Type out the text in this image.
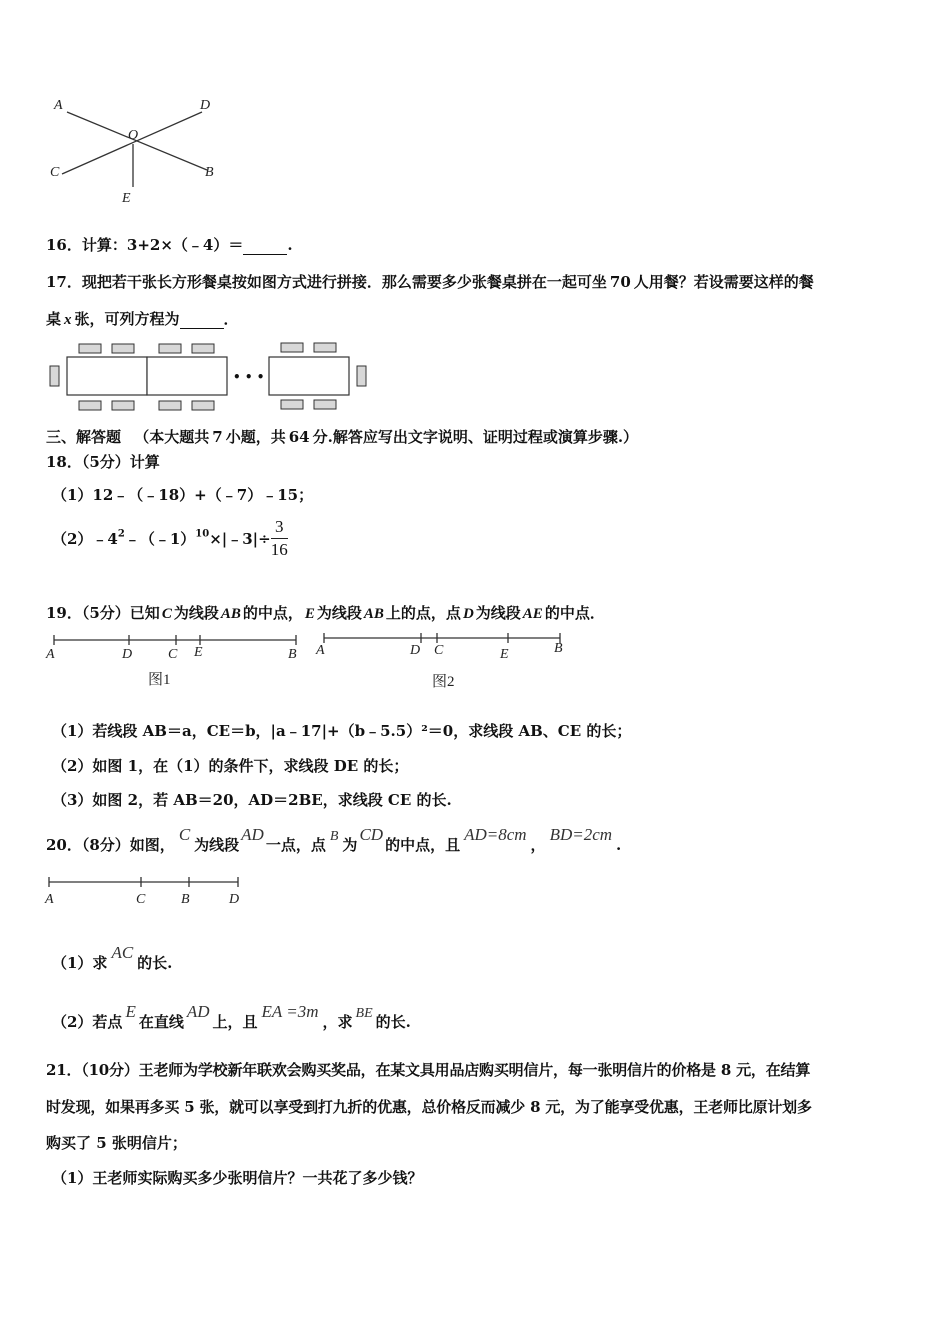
A	D
O
C	B
E
16．计算：3+2×（﹣4）＝	.
17．现把若干张长方形餐桌按如图方式进行拼接．那么需要多少张餐桌拼在一起可坐 70 人用餐？若设需要这样的餐
桌 x 张，可列方程为	．
• • •
三、解答题 （本大题共 7 小题，共 64 分.解答应写出文字说明、证明过程或演算步骤.）
18．（5分）计算
（1）12﹣（﹣18）+（﹣7）﹣15；
$(2)﹣4^2﹣(﹣1)^{10}\times|﹣3|\div \frac{3}{16}$
19．（5分）已知 C 为线段 AB 的中点， E 为线段 AB 上的点，点 D 为线段 AE 的中点．
A	D	C E	B
图1
A	D C	E	B
图2
（1）若线段 AB＝a，CE＝b，|a﹣17|+（b﹣5.5）²＝0，求线段 AB、CE 的长；
（2）如图 1，在（1）的条件下，求线段 DE 的长；
（3）如图 2，若 AB＝20，AD＝2BE，求线段 CE 的长.
20．（8分）如图，C为线段AD一点，点 B 为CD的中点，且AD=8cm，BD=2cm.
A	C	B	D
（1）求AC的长.
（2）若点E在直线AD上，且EA =3m，求 BE 的长.
21．（10分）王老师为学校新年联欢会购买奖品，在某文具用品店购买明信片，每一张明信片的价格是 8 元，在结算
时发现，如果再多买 5 张，就可以享受到打九折的优惠，总价格反而减少 8 元，为了能享受优惠，王老师比原计划多
购买了 5 张明信片；
（1）王老师实际购买多少张明信片？一共花了多少钱？
